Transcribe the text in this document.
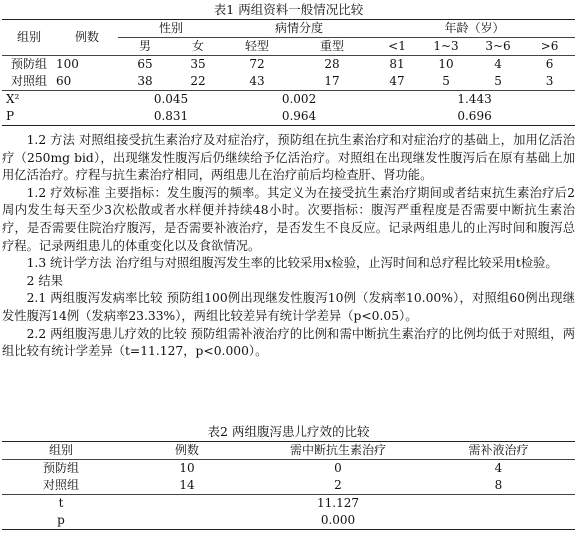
表1 两组资料一般情况比较
组别	例数	性别		病情分度		年龄（岁）			
		男	女	轻型	重型	<1	1~3	3~6	>6
预防组	100	65	35	72	28	81	10	4	6
对照组	60	38	22	43	17	47	5	5	3
X²		0.045		0.002		1.443			
P		0.831		0.964		0.696			

1.2 方法 对照组接受抗生素治疗及对症治疗，预防组在抗生素治疗和对症治疗的基础上，加用亿活治疗（250mg bid），出现继发性腹泻后仍继续给予亿活治疗。对照组在出现继发性腹泻后在原有基础上加用亿活治疗。疗程与抗生素治疗相同，两组患儿在治疗前后均检查肝、肾功能。

1.2 疗效标准 主要指标：发生腹泻的频率。其定义为在接受抗生素治疗期间或者结束抗生素治疗后2周内发生每天至少3次松散或者水样便并持续48小时。次要指标：腹泻严重程度是否需要中断抗生素治疗，是否需要住院治疗腹泻，是否需要补液治疗，是否发生不良反应。记录两组患儿的止泻时间和腹泻总疗程。记录两组患儿的体重变化以及食欲情况。

1.3 统计学方法 治疗组与对照组腹泻发生率的比较采用x检验，止泻时间和总疗程比较采用t检验。

2 结果

2.1 两组腹泻发病率比较 预防组100例出现继发性腹泻10例（发病率10.00%），对照组60例出现继发性腹泻14例（发病率23.33%），两组比较差异有统计学差异（p<0.05）。

2.2 两组腹泻患儿疗效的比较 预防组需补液治疗的比例和需中断抗生素治疗的比例均低于对照组，两组比较有统计学差异（t=11.127，p<0.000）。

表2 两组腹泻患儿疗效的比较
组别	例数	需中断抗生素治疗	需补液治疗
预防组	10	0	4
对照组	14	2	8
t		11.127	
p		0.000	
